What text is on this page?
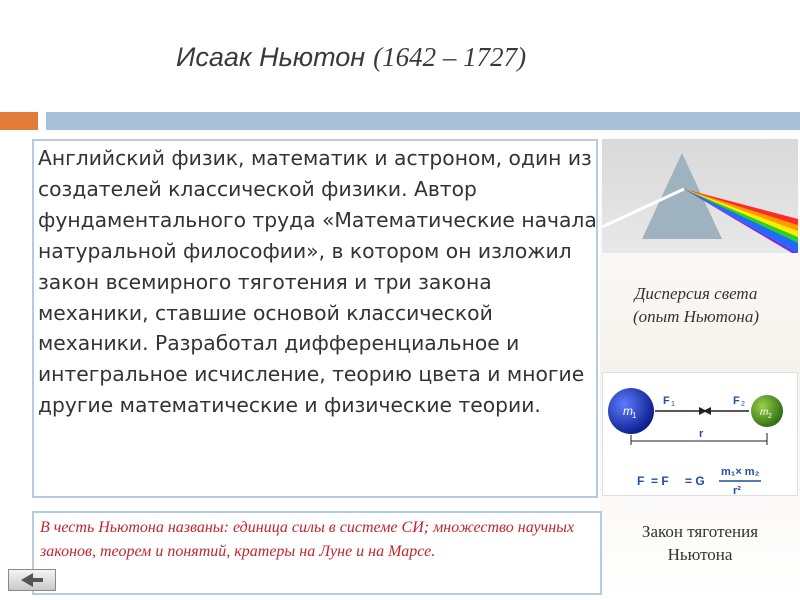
Исаак Ньютон (1642 – 1727)
Английский физик, математик и астроном, один из создателей классической физики. Автор фундаментального труда «Математические начала натуральной философии», в котором он изложил закон всемирного тяготения и три закона механики, ставшие основой классической механики. Разработал дифференциальное и интегральное исчисление, теорию цвета и многие другие математические и физические теории.
Дисперсия света
(опыт Ньютона)
m 1	m 2
F 1	F 2
r
F = F = G
m₁× m₂
r²
Закон тяготения
Ньютона
В честь Ньютона названы: единица силы в системе СИ; множество научных законов, теорем и понятий, кратеры на Луне и на Марсе.
